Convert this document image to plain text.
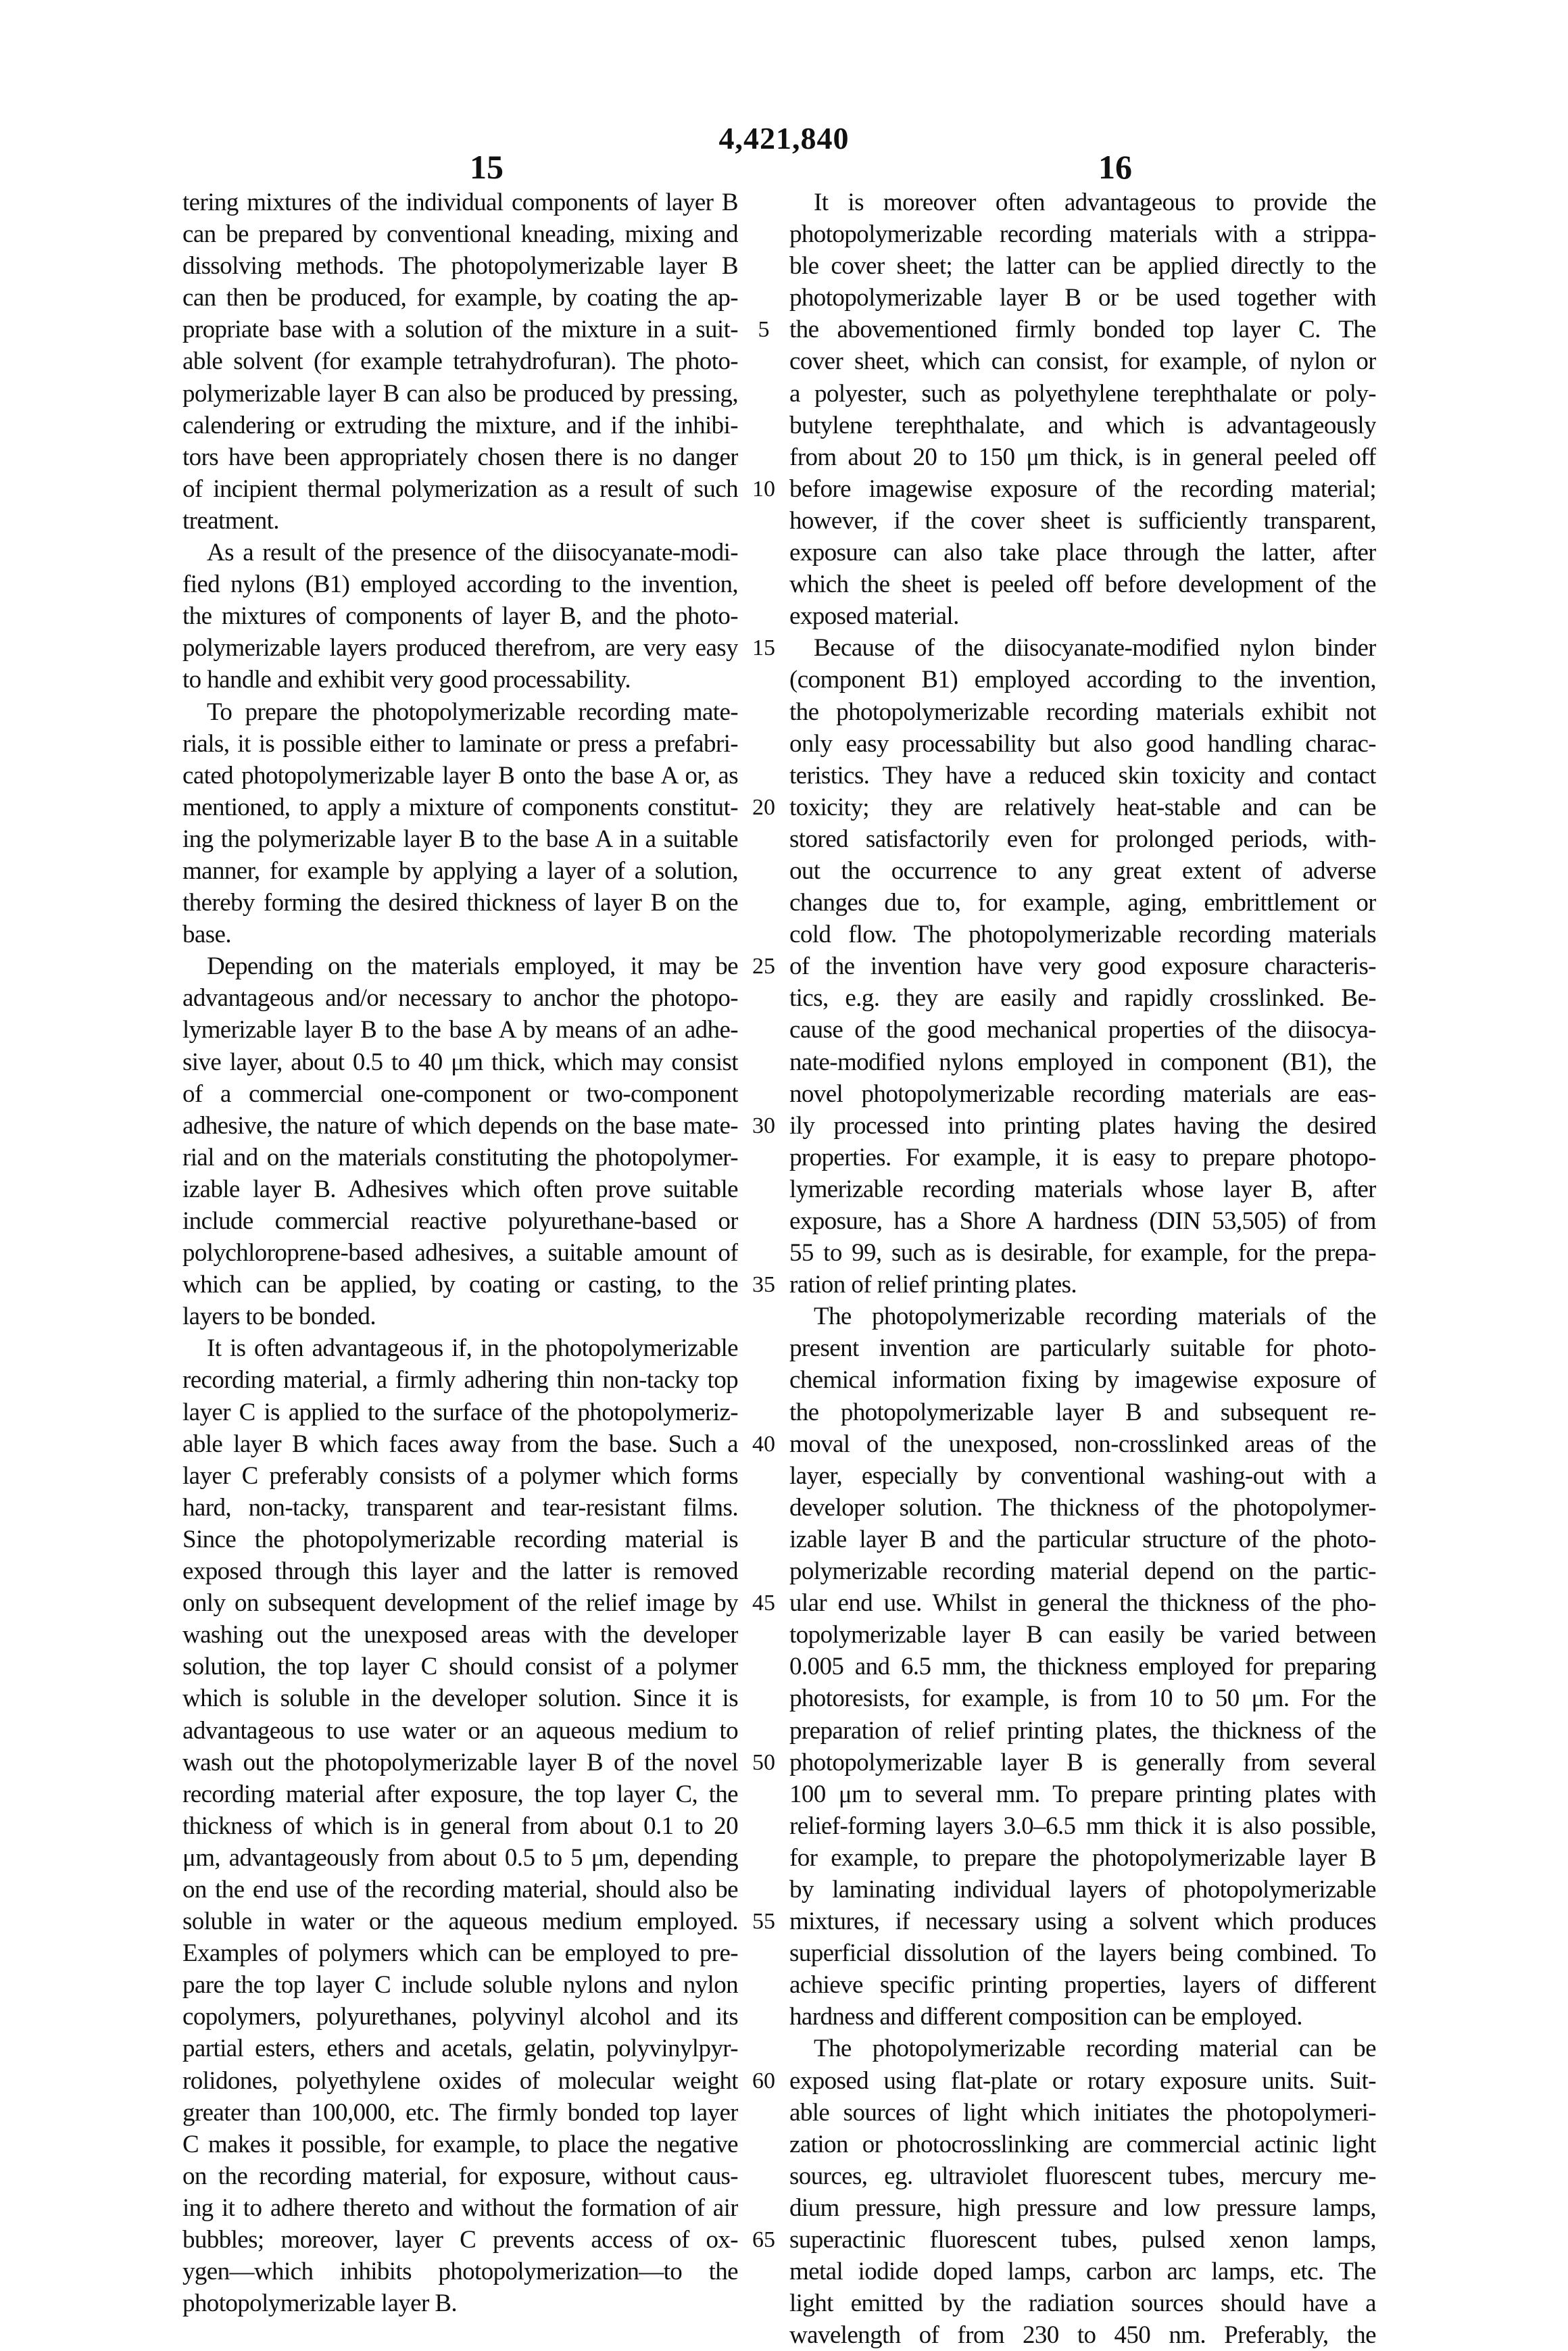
4,421,840
15	16
tering mixtures of the individual components of layer B
can be prepared by conventional kneading, mixing and
dissolving methods. The photopolymerizable layer B
can then be produced, for example, by coating the ap-
propriate base with a solution of the mixture in a suit-
able solvent (for example tetrahydrofuran). The photo-
polymerizable layer B can also be produced by pressing,
calendering or extruding the mixture, and if the inhibi-
tors have been appropriately chosen there is no danger
of incipient thermal polymerization as a result of such
treatment.
As a result of the presence of the diisocyanate-modi-
fied nylons (B1) employed according to the invention,
the mixtures of components of layer B, and the photo-
polymerizable layers produced therefrom, are very easy
to handle and exhibit very good processability.
To prepare the photopolymerizable recording mate-
rials, it is possible either to laminate or press a prefabri-
cated photopolymerizable layer B onto the base A or, as
mentioned, to apply a mixture of components constitut-
ing the polymerizable layer B to the base A in a suitable
manner, for example by applying a layer of a solution,
thereby forming the desired thickness of layer B on the
base.
Depending on the materials employed, it may be
advantageous and/or necessary to anchor the photopo-
lymerizable layer B to the base A by means of an adhe-
sive layer, about 0.5 to 40 μm thick, which may consist
of a commercial one-component or two-component
adhesive, the nature of which depends on the base mate-
rial and on the materials constituting the photopolymer-
izable layer B. Adhesives which often prove suitable
include commercial reactive polyurethane-based or
polychloroprene-based adhesives, a suitable amount of
which can be applied, by coating or casting, to the
layers to be bonded.
It is often advantageous if, in the photopolymerizable
recording material, a firmly adhering thin non-tacky top
layer C is applied to the surface of the photopolymeriz-
able layer B which faces away from the base. Such a
layer C preferably consists of a polymer which forms
hard, non-tacky, transparent and tear-resistant films.
Since the photopolymerizable recording material is
exposed through this layer and the latter is removed
only on subsequent development of the relief image by
washing out the unexposed areas with the developer
solution, the top layer C should consist of a polymer
which is soluble in the developer solution. Since it is
advantageous to use water or an aqueous medium to
wash out the photopolymerizable layer B of the novel
recording material after exposure, the top layer C, the
thickness of which is in general from about 0.1 to 20
μm, advantageously from about 0.5 to 5 μm, depending
on the end use of the recording material, should also be
soluble in water or the aqueous medium employed.
Examples of polymers which can be employed to pre-
pare the top layer C include soluble nylons and nylon
copolymers, polyurethanes, polyvinyl alcohol and its
partial esters, ethers and acetals, gelatin, polyvinylpyr-
rolidones, polyethylene oxides of molecular weight
greater than 100,000, etc. The firmly bonded top layer
C makes it possible, for example, to place the negative
on the recording material, for exposure, without caus-
ing it to adhere thereto and without the formation of air
bubbles; moreover, layer C prevents access of ox-
ygen—which inhibits photopolymerization—to the
photopolymerizable layer B.
5
10
15
20
25
30
35
40
45
50
55
60
65
It is moreover often advantageous to provide the
photopolymerizable recording materials with a strippa-
ble cover sheet; the latter can be applied directly to the
photopolymerizable layer B or be used together with
the abovementioned firmly bonded top layer C. The
cover sheet, which can consist, for example, of nylon or
a polyester, such as polyethylene terephthalate or poly-
butylene terephthalate, and which is advantageously
from about 20 to 150 μm thick, is in general peeled off
before imagewise exposure of the recording material;
however, if the cover sheet is sufficiently transparent,
exposure can also take place through the latter, after
which the sheet is peeled off before development of the
exposed material.
Because of the diisocyanate-modified nylon binder
(component B1) employed according to the invention,
the photopolymerizable recording materials exhibit not
only easy processability but also good handling charac-
teristics. They have a reduced skin toxicity and contact
toxicity; they are relatively heat-stable and can be
stored satisfactorily even for prolonged periods, with-
out the occurrence to any great extent of adverse
changes due to, for example, aging, embrittlement or
cold flow. The photopolymerizable recording materials
of the invention have very good exposure characteris-
tics, e.g. they are easily and rapidly crosslinked. Be-
cause of the good mechanical properties of the diisocya-
nate-modified nylons employed in component (B1), the
novel photopolymerizable recording materials are eas-
ily processed into printing plates having the desired
properties. For example, it is easy to prepare photopo-
lymerizable recording materials whose layer B, after
exposure, has a Shore A hardness (DIN 53,505) of from
55 to 99, such as is desirable, for example, for the prepa-
ration of relief printing plates.
The photopolymerizable recording materials of the
present invention are particularly suitable for photo-
chemical information fixing by imagewise exposure of
the photopolymerizable layer B and subsequent re-
moval of the unexposed, non-crosslinked areas of the
layer, especially by conventional washing-out with a
developer solution. The thickness of the photopolymer-
izable layer B and the particular structure of the photo-
polymerizable recording material depend on the partic-
ular end use. Whilst in general the thickness of the pho-
topolymerizable layer B can easily be varied between
0.005 and 6.5 mm, the thickness employed for preparing
photoresists, for example, is from 10 to 50 μm. For the
preparation of relief printing plates, the thickness of the
photopolymerizable layer B is generally from several
100 μm to several mm. To prepare printing plates with
relief-forming layers 3.0–6.5 mm thick it is also possible,
for example, to prepare the photopolymerizable layer B
by laminating individual layers of photopolymerizable
mixtures, if necessary using a solvent which produces
superficial dissolution of the layers being combined. To
achieve specific printing properties, layers of different
hardness and different composition can be employed.
The photopolymerizable recording material can be
exposed using flat-plate or rotary exposure units. Suit-
able sources of light which initiates the photopolymeri-
zation or photocrosslinking are commercial actinic light
sources, eg. ultraviolet fluorescent tubes, mercury me-
dium pressure, high pressure and low pressure lamps,
superactinic fluorescent tubes, pulsed xenon lamps,
metal iodide doped lamps, carbon arc lamps, etc. The
light emitted by the radiation sources should have a
wavelength of from 230 to 450 nm. Preferably, the
